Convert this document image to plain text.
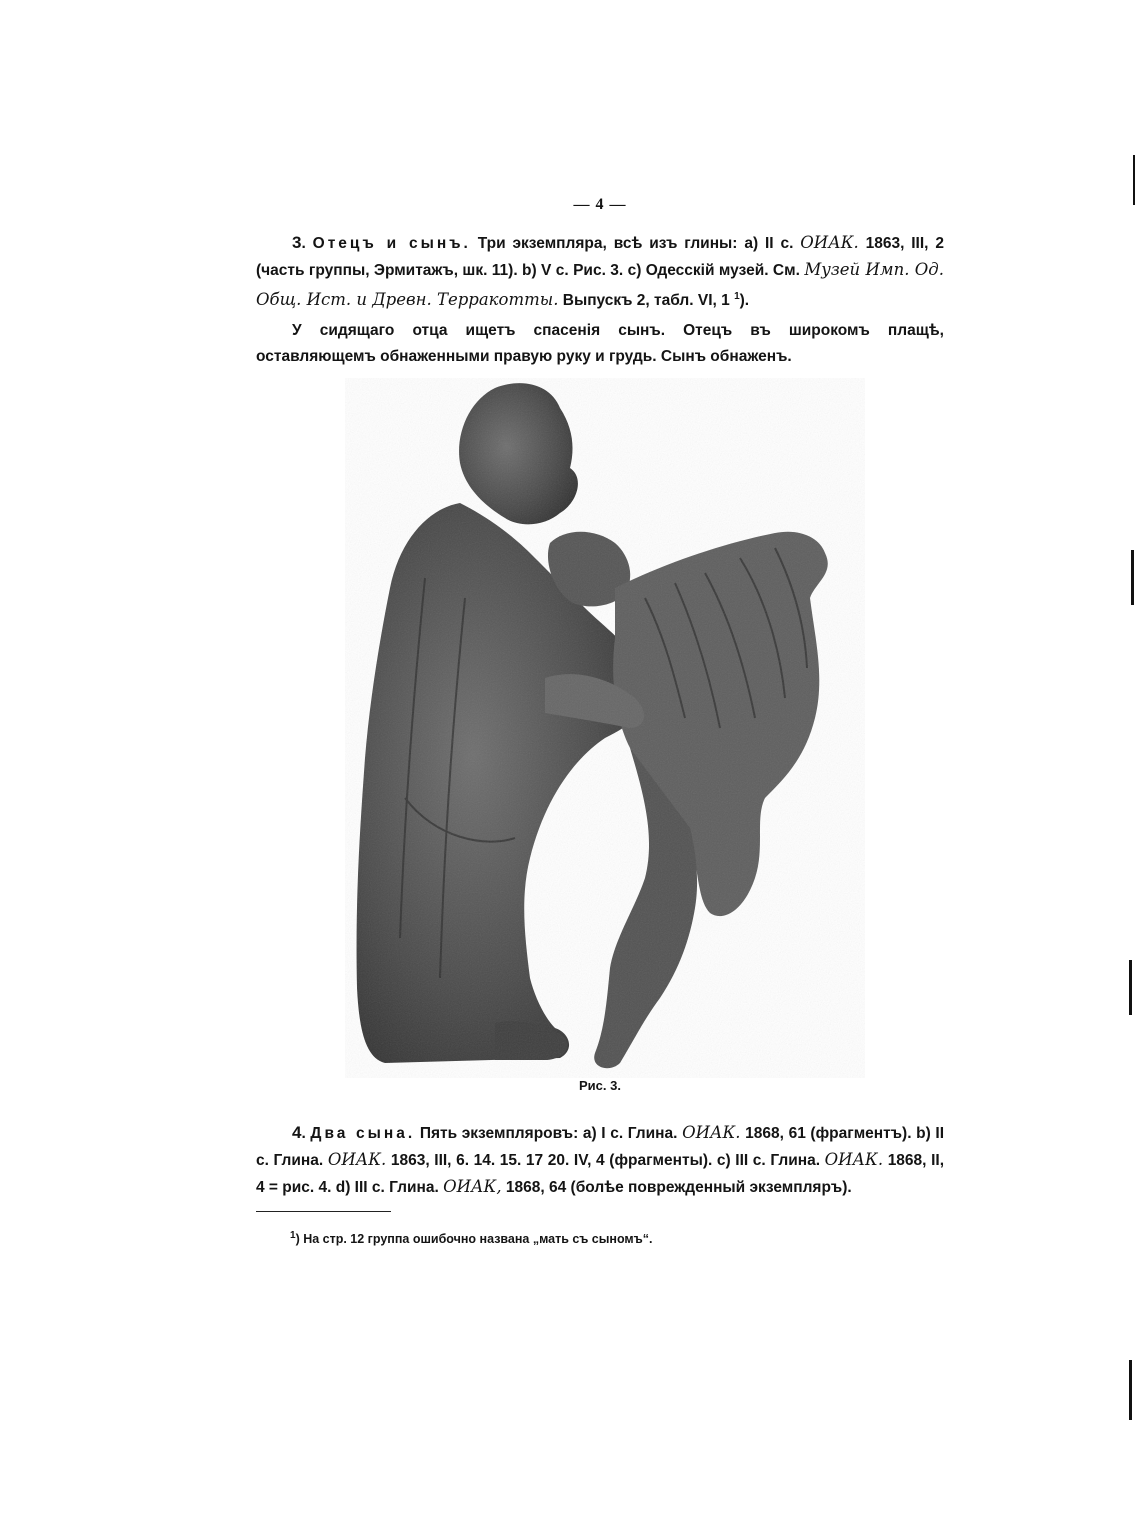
— 4 —

3. Отецъ и сынъ. Три экземпляра, всѣ изъ глины: a) II с. ОИАК. 1863, III, 2 (часть группы, Эрмитажъ, шк. 11). b) V с. Рис. 3. c) Одесскій музей. См. Музей Имп. Од. Общ. Ист. и Древн. Терракотты. Выпускъ 2, табл. VI, 1 $^1$).

У сидящаго отца ищетъ спасенія сынъ. Отецъ въ широкомъ плащѣ, оставляющемъ обнаженными правую руку и грудь. Сынъ обнаженъ.

Рис. 3.

4. Два сына. Пять экземпляровъ: a) I с. Глина. ОИАК. 1868, 61 (фрагментъ). b) II с. Глина. ОИАК. 1863, III, 6. 14. 15. 17 20. IV, 4 (фрагменты). c) III с. Глина. ОИАК. 1868, II, 4 = рис. 4. d) III с. Глина. ОИАК, 1868, 64 (болѣе поврежденный экземпляръ).

$^1$) На стр. 12 группа ошибочно названа „мать съ сыномъ“.
